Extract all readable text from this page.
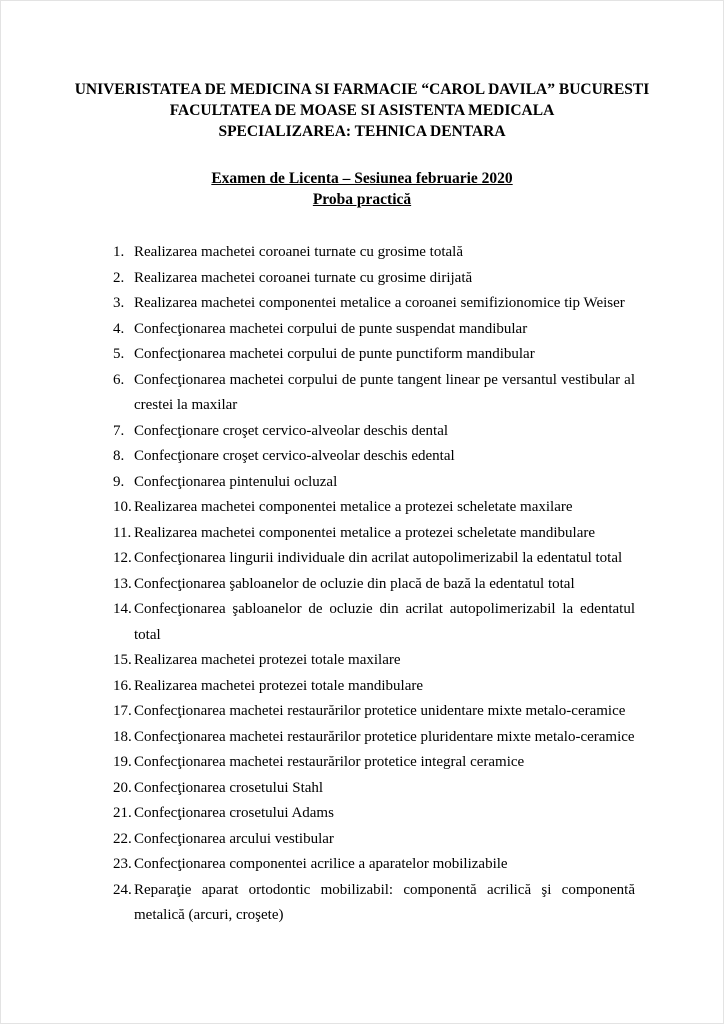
UNIVERISTATEA DE MEDICINA SI FARMACIE “CAROL DAVILA” BUCURESTI
FACULTATEA DE MOASE SI ASISTENTA MEDICALA
SPECIALIZAREA: TEHNICA DENTARA
Examen de Licenta – Sesiunea februarie 2020
Proba practică
1. Realizarea machetei coroanei turnate cu grosime totală
2. Realizarea machetei coroanei turnate cu grosime dirijată
3. Realizarea machetei componentei metalice a coroanei semifizionomice tip Weiser
4. Confecţionarea machetei corpului de punte suspendat mandibular
5. Confecţionarea machetei corpului de punte punctiform mandibular
6. Confecţionarea machetei corpului de punte tangent linear pe versantul vestibular al crestei la maxilar
7. Confecţionare croşet cervico-alveolar deschis dental
8. Confecţionare croşet cervico-alveolar deschis edental
9. Confecţionarea pintenului ocluzal
10. Realizarea machetei componentei metalice a protezei scheletate maxilare
11. Realizarea machetei componentei metalice a protezei scheletate mandibulare
12. Confecţionarea lingurii individuale din acrilat autopolimerizabil la edentatul total
13. Confecţionarea şabloanelor de ocluzie din placă de bază la edentatul total
14. Confecţionarea şabloanelor de ocluzie din acrilat autopolimerizabil la edentatul total
15. Realizarea machetei protezei totale maxilare
16. Realizarea machetei protezei totale mandibulare
17. Confecţionarea machetei restaurărilor protetice unidentare mixte metalo-ceramice
18. Confecţionarea machetei restaurărilor protetice pluridentare mixte metalo-ceramice
19. Confecţionarea machetei restaurărilor protetice integral ceramice
20. Confecţionarea crosetului Stahl
21. Confecţionarea crosetului Adams
22. Confecţionarea arcului vestibular
23. Confecţionarea componentei acrilice a aparatelor mobilizabile
24. Reparaţie aparat ortodontic mobilizabil: componentă acrilică şi componentă metalică (arcuri, croşete)
